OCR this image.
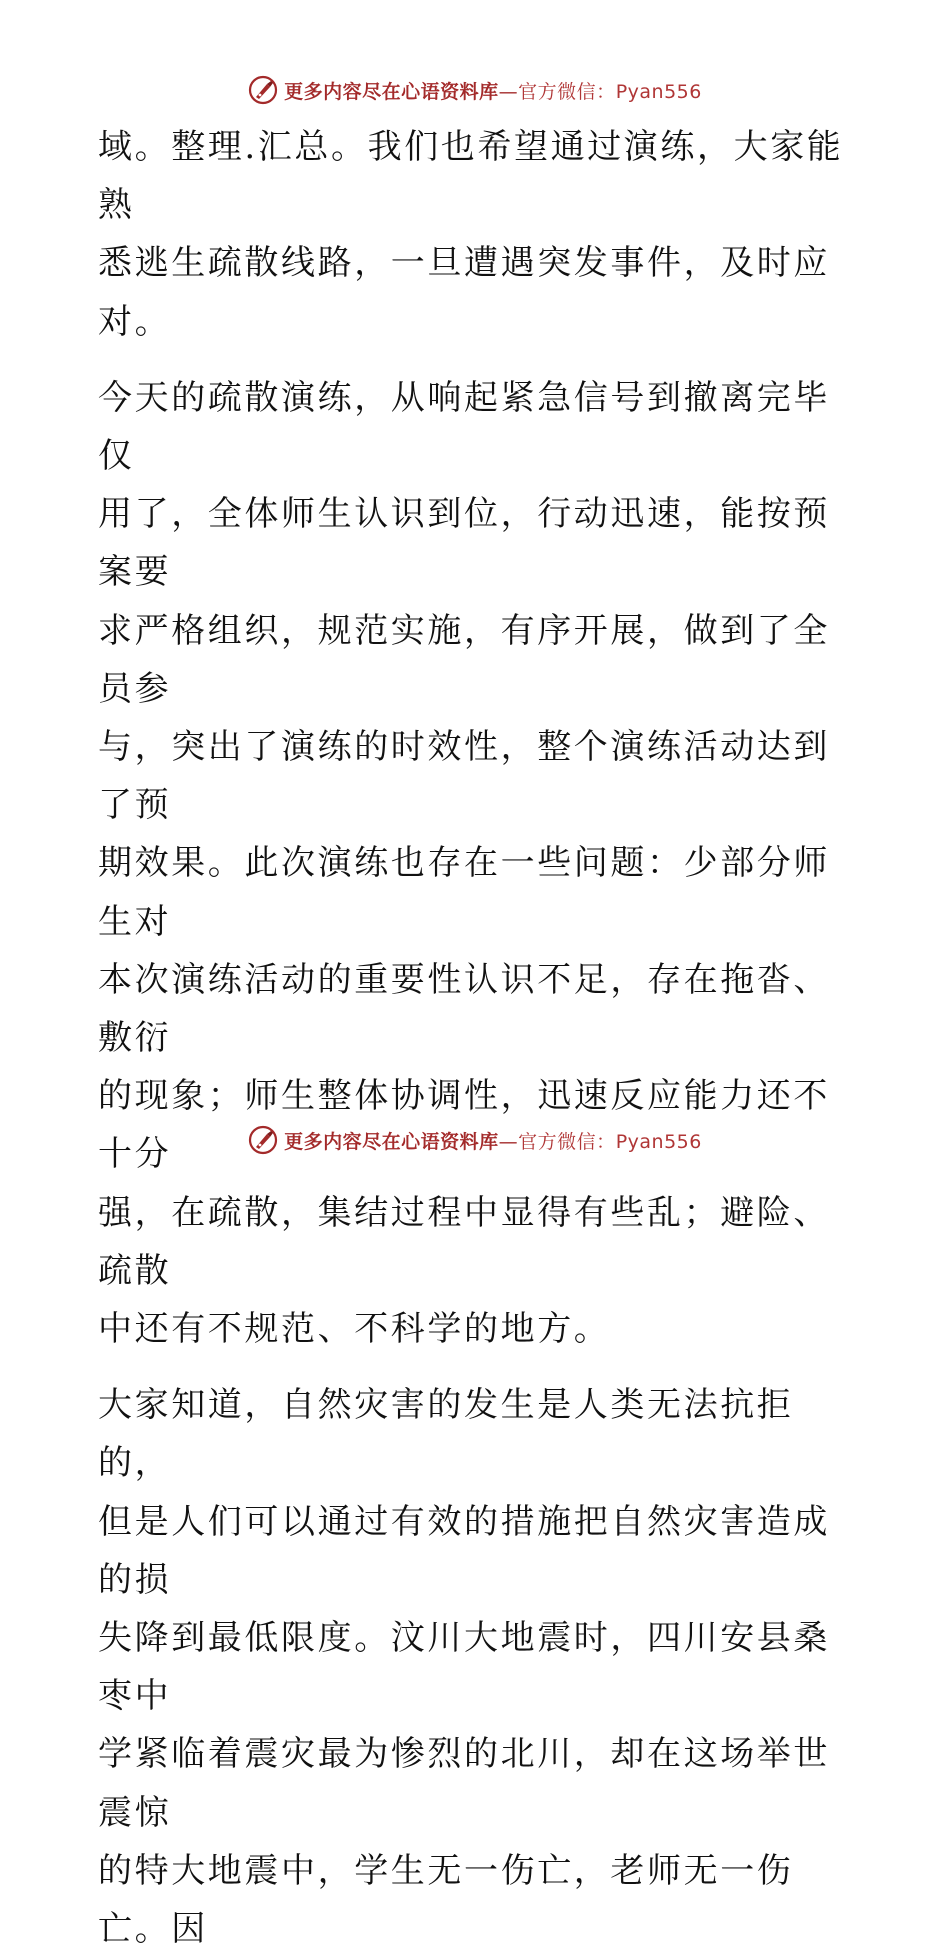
更多内容尽在心语资料库—官方微信：Pyan556

域。整理.汇总。我们也希望通过演练，大家能熟
悉逃生疏散线路，一旦遭遇突发事件，及时应对。

今天的疏散演练，从响起紧急信号到撤离完毕仅
用了，全体师生认识到位，行动迅速，能按预案要
求严格组织，规范实施，有序开展，做到了全员参
与，突出了演练的时效性，整个演练活动达到了预
期效果。此次演练也存在一些问题：少部分师生对
本次演练活动的重要性认识不足，存在拖沓、敷衍
的现象；师生整体协调性，迅速反应能力还不十分
强，在疏散，集结过程中显得有些乱；避险、疏散
中还有不规范、不科学的地方。

大家知道，自然灾害的发生是人类无法抗拒的，
但是人们可以通过有效的措施把自然灾害造成的损
失降到最低限度。汶川大地震时，四川安县桑枣中
学紧临着震灾最为惨烈的北川，却在这场举世震惊
的特大地震中，学生无一伤亡，老师无一伤亡。因

更多内容尽在心语资料库—官方微信：Pyan556
